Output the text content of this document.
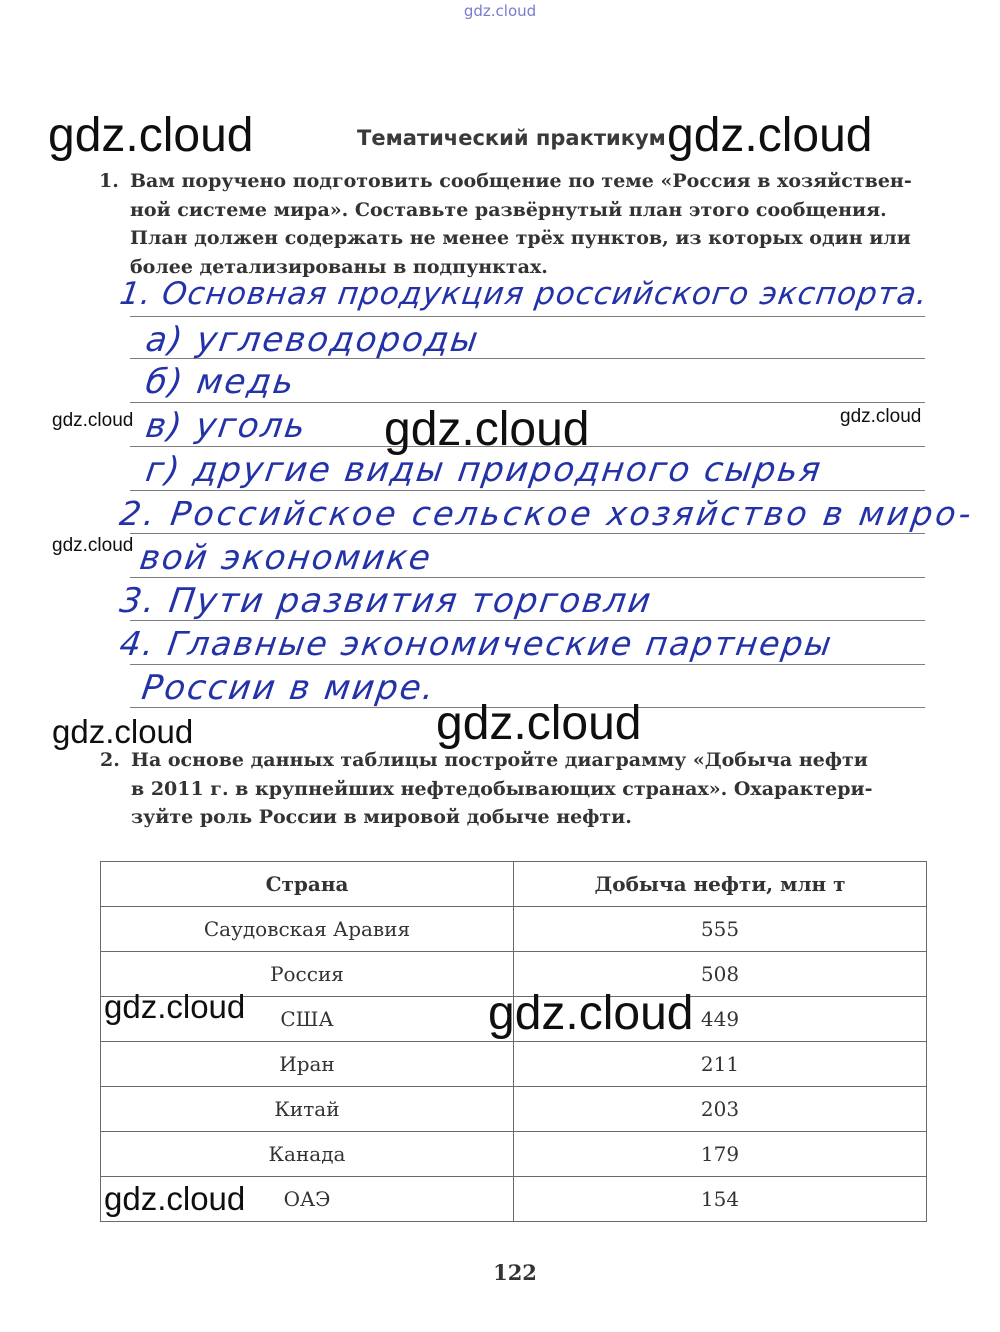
gdz.cloud
gdz.cloud	gdz.cloud
Тематический практикум
1. Вам поручено подготовить сообщение по теме «Россия в хозяйствен-

ной системе мира». Составьте развёрнутый план этого сообщения.

План должен содержать не менее трёх пунктов, из которых один или

более детализированы в подпунктах.

1. Основная продукция российского экспорта.
а) углеводороды
б) медь
в) уголь
г) другие виды природного сырья
2. Российское сельское хозяйство в миро-
вой экономике
3. Пути развития торговли
4. Главные экономические партнеры
России в мире.
gdz.cloud	gdz.cloud
gdz.cloud
gdz.cloud
gdz.cloud	gdz.cloud
2. На основе данных таблицы постройте диаграмму «Добыча нефти

в 2011 г. в крупнейших нефтедобывающих странах». Охарактери-

зуйте роль России в мировой добыче нефти.

Страна	Добыча нефти, млн т
Саудовская Аравия	555
Россия	508
США	449
Иран	211
Китай	203
Канада	179
ОАЭ	154
gdz.cloud	gdz.cloud
gdz.cloud
122
